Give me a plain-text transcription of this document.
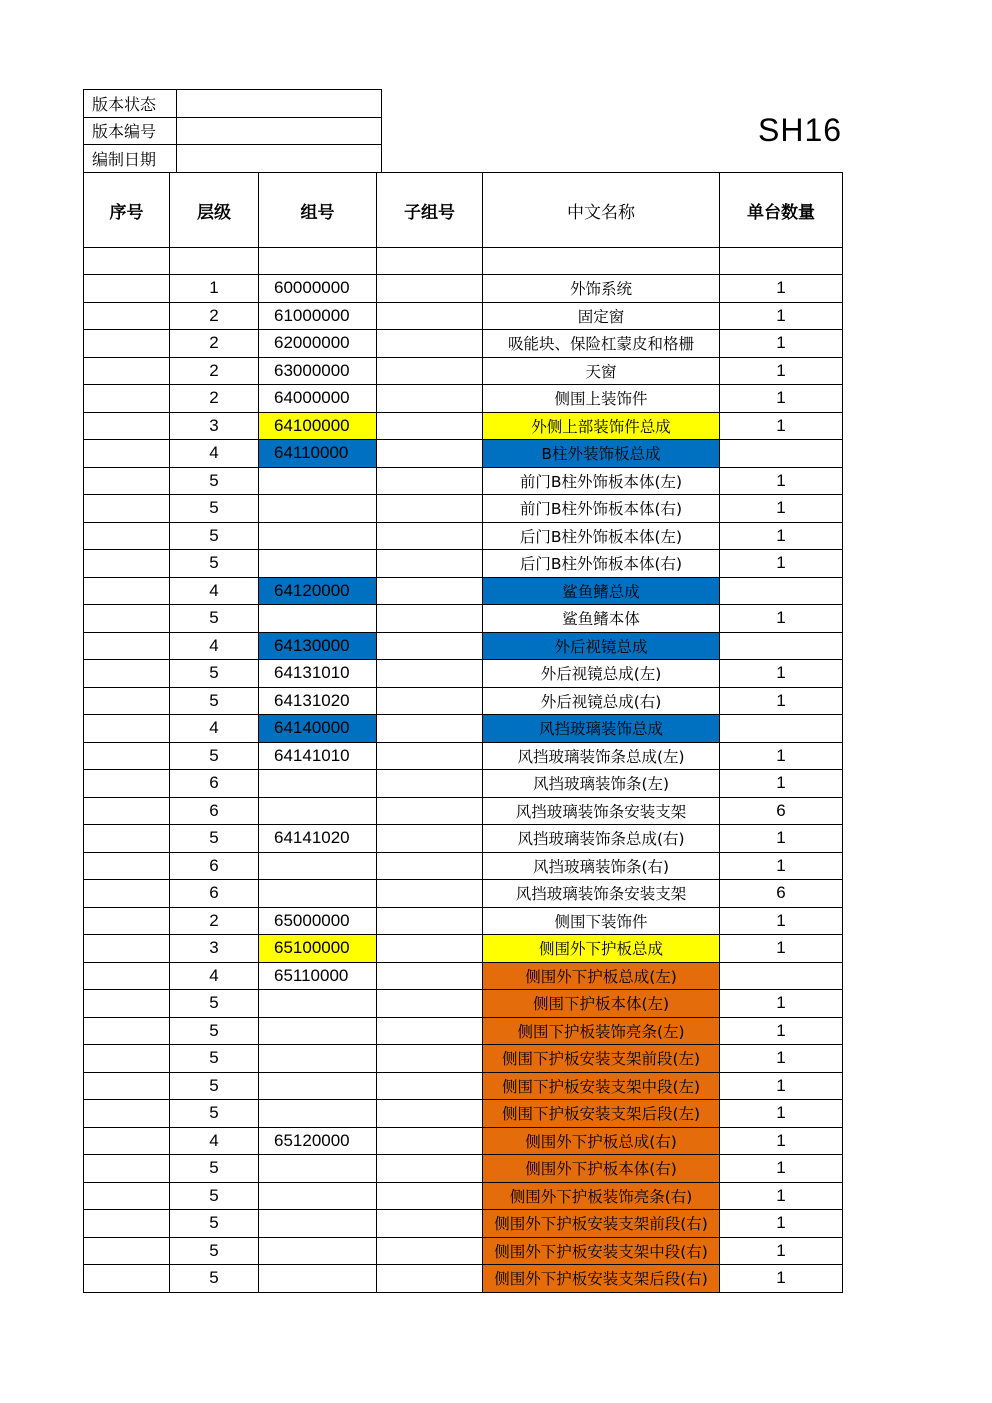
版本状态	
版本编号	
编制日期	
SH16
序号	层级	组号	子组号	中文名称	单台数量

	1	60000000		外饰系统	1
	2	61000000		固定窗	1
	2	62000000		吸能块、保险杠蒙皮和格栅	1
	2	63000000		天窗	1
	2	64000000		侧围上装饰件	1
	3	64100000		外侧上部装饰件总成	1
	4	64110000		B柱外装饰板总成	
	5			前门B柱外饰板本体(左)	1
	5			前门B柱外饰板本体(右)	1
	5			后门B柱外饰板本体(左)	1
	5			后门B柱外饰板本体(右)	1
	4	64120000		鲨鱼鳍总成	
	5			鲨鱼鳍本体	1
	4	64130000		外后视镜总成	
	5	64131010		外后视镜总成(左)	1
	5	64131020		外后视镜总成(右)	1
	4	64140000		风挡玻璃装饰总成	
	5	64141010		风挡玻璃装饰条总成(左)	1
	6			风挡玻璃装饰条(左)	1
	6			风挡玻璃装饰条安装支架	6
	5	64141020		风挡玻璃装饰条总成(右)	1
	6			风挡玻璃装饰条(右)	1
	6			风挡玻璃装饰条安装支架	6
	2	65000000		侧围下装饰件	1
	3	65100000		侧围外下护板总成	1
	4	65110000		侧围外下护板总成(左)	
	5			侧围下护板本体(左)	1
	5			侧围下护板装饰亮条(左)	1
	5			侧围下护板安装支架前段(左)	1
	5			侧围下护板安装支架中段(左)	1
	5			侧围下护板安装支架后段(左)	1
	4	65120000		侧围外下护板总成(右)	1
	5			侧围外下护板本体(右)	1
	5			侧围外下护板装饰亮条(右)	1
	5			侧围外下护板安装支架前段(右)	1
	5			侧围外下护板安装支架中段(右)	1
	5			侧围外下护板安装支架后段(右)	1
